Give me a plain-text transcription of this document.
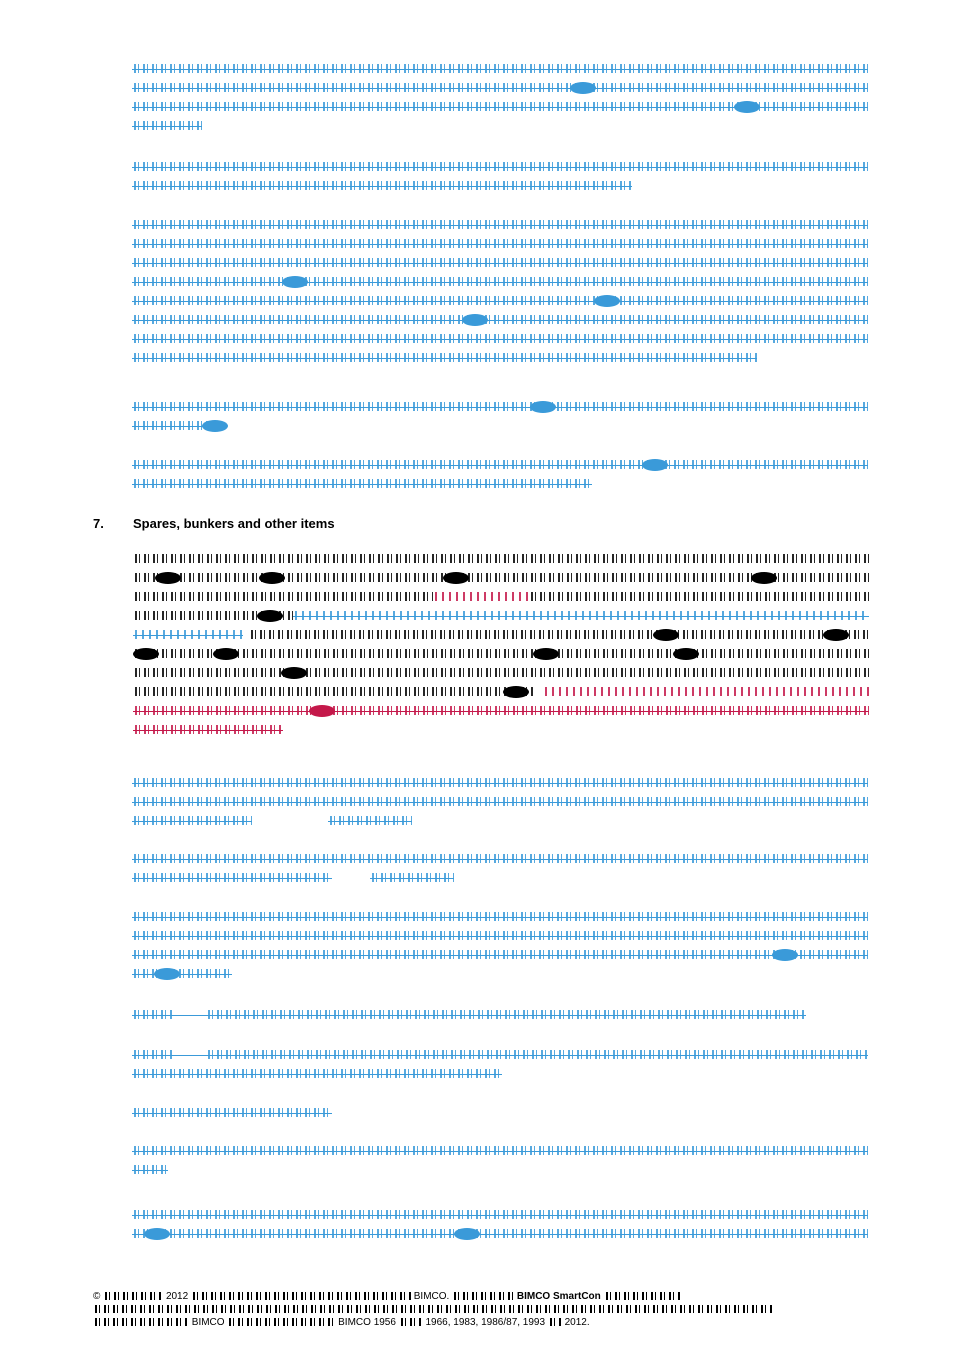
7. Spares, bunkers and other items
©	2012	BIMCO.	BIMCO SmartCon
BIMCO	BIMCO 1956	1966, 1983, 1986/87, 1993 2012.
